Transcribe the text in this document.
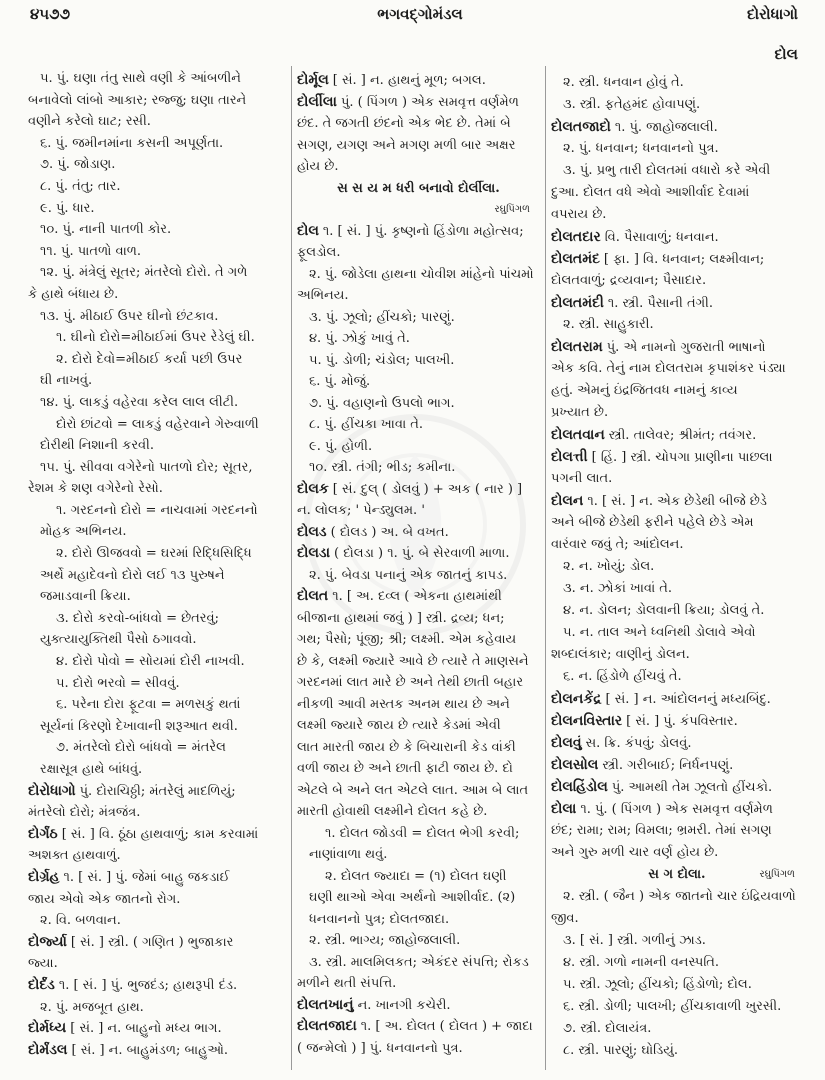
૪૫૭૭	ભગવદ્ગોમંડલ	દોરોધાગો
દોલ
૫. પું. ઘણા તંતુ સાથે વણી કે આંબળીને
બનાવેલો લાંબો આકાર; રજ્જુ; ઘણા તારને
વણીને કરેલો ઘાટ; રસી.
૬. પું. જમીનમાંના કસની અપૂર્ણતા.
૭. પું. જોડાણ.
૮. પું. તંતુ; તાર.
૯. પું. ધાર.
૧૦. પું. નાની પાતળી કોર.
૧૧. પું. પાતળો વાળ.
૧૨. પું. મંત્રેલું સૂતર; મંતરેલો દોરો. તે ગળે
કે હાથે બંધાય છે.
૧૩. પું. મીઠાઈ ઉપર ઘીનો છંટકાવ.
૧. ઘીનો દોરો=મીઠાઈમાં ઉપર રેડેલું ઘી.
૨. દોરો દેવો=મીઠાઈ કર્યા પછી ઉપર
ઘી નાખવું.
૧૪. પું. લાકડું વહેરવા કરેલ લાલ લીટી.
દોરો છાંટવો = લાકડું વહેરવાને ગેરુવાળી
દોરીથી નિશાની કરવી.
૧૫. પું. સીવવા વગેરેનો પાતળો દોર; સૂતર,
રેશમ કે શણ વગેરેનો રેસો.
૧. ગરદનનો દોરો = નાચવામાં ગરદનનો
મોહક અભિનય.
૨. દોરો ઊજવવો = ઘરમાં રિદ્ધિસિદ્ધિ
અર્થે મહાદેવનો દોરો લઈ ૧૩ પુરુષને
જમાડવાની ક્રિયા.
૩. દોરો કરવો-બાંધવો = છેતરવું;
યુક્ત્યાયુક્તિથી પૈસો ઠગાવવો.
૪. દોરો પોવો = સોયમાં દોરી નાખવી.
૫. દોરો ભરવો = સીવવું.
૬. પરેના દોરા ફૂટવા = મળસકું થતાં
સૂર્યનાં કિરણો દેખાવાની શરૂઆત થવી.
૭. મંતરેલો દોરો બાંધવો = મંતરેલ
રક્ષાસૂત્ર હાથે બાંધવું.
દોરોધાગો પું. દોરાચિઠ્ઠી; મંતરેલું માદળિયું;
મંતરેલો દોરો; મંત્રજંત્ર.
દોર્ગંઠ [ સં. ] વિ. ઠૂંઠા હાથવાળું; કામ કરવામાં
અશક્ત હાથવાળું.
દોર્ગ્રહ ૧. [ સં. ] પું. જેમાં બાહુ જકડાઈ
જાય એવો એક જાતનો રોગ.
૨. વિ. બળવાન.
દોર્જ્યા [ સં. ] સ્ત્રી. ( ગણિત ) ભુજાકાર
જ્યા.
દોર્દંડ ૧. [ સં. ] પું. ભુજદંડ; હાથરૂપી દંડ.
૨. પું. મજબૂત હાથ.
દોર્મધ્ય [ સં. ] ન. બાહુનો મધ્ય ભાગ.
દોર્મંડલ [ સં. ] ન. બાહુમંડળ; બાહુઓ.
દોર્મૂલ [ સં. ] ન. હાથનું મૂળ; બગલ.
દોર્લીલા પું. ( પિંગળ ) એક સમવૃત્ત વર્ણમેળ
છંદ. તે જગતી છંદનો એક ભેદ છે. તેમાં બે
સગણ, યગણ અને મગણ મળી બાર અક્ષર
હોય છે.
સ સ ય મ ધરી બનાવો દોર્લીલા.
રઘુપિંગળ
દોલ ૧. [ સં. ] પું. કૃષ્ણનો હિંડોળા મહોત્સવ;
ફૂલડોલ.
૨. પું. જોડેલા હાથના ચોવીશ માંહેનો પાંચમો
અભિનય.
૩. પું. ઝૂલો; હીંચકો; પારણું.
૪. પું. ઝોકું ખાવું તે.
૫. પું. ડોળી; ચંડોલ; પાલખી.
૬. પું. મોજું.
૭. પું. વહાણનો ઉપલો ભાગ.
૮. પું. હીંચકા ખાવા તે.
૯. પું. હોળી.
૧૦. સ્ત્રી. તંગી; ભીડ; કમીના.
દોલક [ સં. દુલ્ ( ડોલવું ) + અક ( નાર ) ]
ન. લોલક; ' પેન્ડ્યુલમ. '
દોલડ ( દોલડ ) અ. બે વખત.
દોલડા ( દોલડા ) ૧. પું. બે સેરવાળી માળા.
૨. પું. બેવડા પનાનું એક જાતનું કાપડ.
દોલત ૧. [ અ. દવ્લ ( એકના હાથમાંથી
બીજાના હાથમાં જવું ) ] સ્ત્રી. દ્રવ્ય; ધન;
ગથ; પૈસો; પૂંજી; શ્રી; લક્ષ્મી. એમ કહેવાય
છે કે, લક્ષ્મી જ્યારે આવે છે ત્યારે તે માણસને
ગરદનમાં લાત મારે છે અને તેથી છાતી બહાર
નીકળી આવી મસ્તક અનમ થાય છે અને
લક્ષ્મી જ્યારે જાય છે ત્યારે કેડમાં એવી
લાત મારતી જાય છે કે બિચારાની કેડ વાંકી
વળી જાય છે અને છાતી ફાટી જાય છે. દો
એટલે બે અને લત એટલે લાત. આમ બે લાત
મારતી હોવાથી લક્ષ્મીને દોલત કહે છે.
૧. દોલત જોડવી = દોલત ભેગી કરવી;
નાણાંવાળા થવું.
૨. દોલત જ્યાદા = (૧) દોલત ઘણી
ઘણી થાઓ એવા અર્થનો આશીર્વાદ. (૨)
ધનવાનનો પુત્ર; દોલતજાદા.
૨. સ્ત્રી. ભાગ્ય; જાહોજલાલી.
૩. સ્ત્રી. માલમિલકત; એકંદર સંપત્તિ; રોકડ
મળીને થતી સંપત્તિ.
દોલતખાનું ન. ખાનગી કચેરી.
દોલતજાદા ૧. [ અ. દોલત ( દોલત ) + જાદા
( જન્મેલો ) ] પું. ધનવાનનો પુત્ર.
૨. સ્ત્રી. ધનવાન હોવું તે.
૩. સ્ત્રી. ફતેહમંદ હોવાપણું.
દોલતજાદો ૧. પું. જાહોજલાલી.
૨. પું. ધનવાન; ધનવાનનો પુત્ર.
૩. પું. પ્રભુ તારી દોલતમાં વધારો કરે એવી
દુઆ. દોલત વધે એવો આશીર્વાદ દેવામાં
વપરાય છે.
દોલતદાર વિ. પૈસાવાળું; ધનવાન.
દોલતમંદ [ ફા. ] વિ. ધનવાન; લક્ષ્મીવાન;
દોલતવાળું; દ્રવ્યવાન; પૈસાદાર.
દોલતમંદી ૧. સ્ત્રી. પૈસાની તંગી.
૨. સ્ત્રી. સાહુકારી.
દોલતરામ પું. એ નામનો ગુજરાતી ભાષાનો
એક કવિ. તેનું નામ દોલતરામ કૃપાશંકર પંડ્યા
હતું. એમનું ઇંદ્રજિતવધ નામનું કાવ્ય
પ્રખ્યાત છે.
દોલતવાન સ્ત્રી. તાલેવર; શ્રીમંત; તવંગર.
દોલત્તી [ હિં. ] સ્ત્રી. ચોપગા પ્રાણીના પાછલા
પગની લાત.
દોલન ૧. [ સં. ] ન. એક છેડેથી બીજે છેડે
અને બીજે છેડેથી ફરીને પહેલે છેડે એમ
વારંવાર જવું તે; આંદોલન.
૨. ન. ખોયું; ડોલ.
૩. ન. ઝોકાં ખાવાં તે.
૪. ન. ડોલન; ડોલવાની ક્રિયા; ડોલવું તે.
૫. ન. તાલ અને ધ્વનિથી ડોલાવે એવો
શબ્દાલંકાર; વાણીનું ડોલન.
૬. ન. હિંડોળે હીંચવું તે.
દોલનકેંદ્ર [ સં. ] ન. આંદોલનનું મધ્યબિંદુ.
દોલનવિસ્તાર [ સં. ] પું. કંપવિસ્તાર.
દોલવું સ. ક્રિ. કંપવું; ડોલવું.
દોલસોલ સ્ત્રી. ગરીબાઈ; નિર્ધનપણું.
દોલહિંડોલ પું. આમથી તેમ ઝૂલતો હીંચકો.
દોલા ૧. પું. ( પિંગળ ) એક સમવૃત્ત વર્ણમેળ
છંદ; રામા; રામ; વિમલા; ભ્રમરી. તેમાં સગણ
અને ગુરુ મળી ચાર વર્ણ હોય છે.
સ ગ દોલા.	રઘુપિંગળ
૨. સ્ત્રી. ( જૈન ) એક જાતનો ચાર ઇંદ્રિયવાળો
જીવ.
૩. [ સં. ] સ્ત્રી. ગળીનું ઝાડ.
૪. સ્ત્રી. ગળો નામની વનસ્પતિ.
૫. સ્ત્રી. ઝૂલો; હીંચકો; હિંડોળો; દોલ.
૬. સ્ત્રી. ડોળી; પાલખી; હીંચકાવાળી ખુરસી.
૭. સ્ત્રી. દોલાયંત્ર.
૮. સ્ત્રી. પારણું; ઘોડિયું.
